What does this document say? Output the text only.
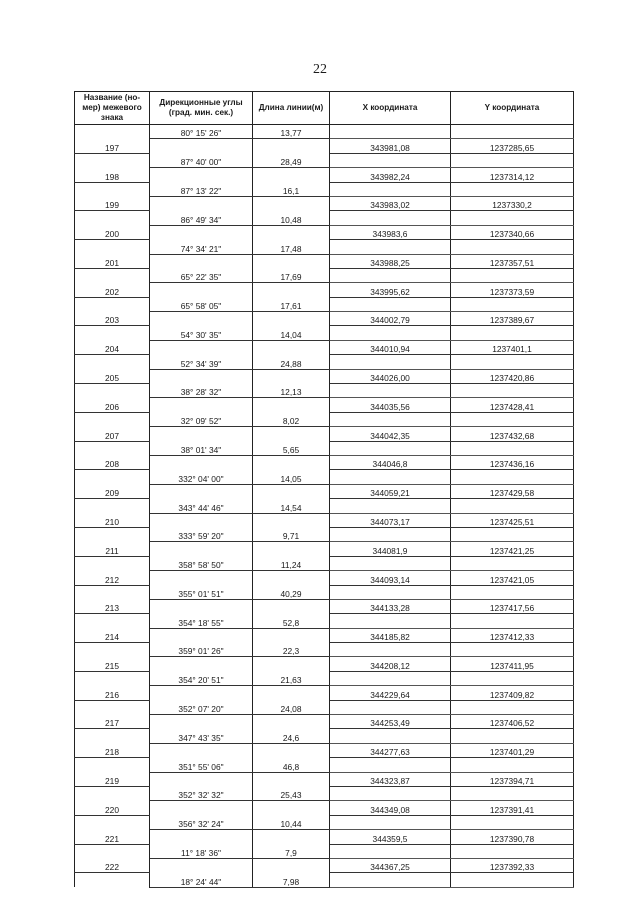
22
Название (но-мер) межевого знака	Дирекционные углы (град. мин. сек.)	Длина линии(м)	X координата	Y координата
	80° 15' 26"	13,77		
197			343981,08	1237285,65
	87° 40' 00"	28,49		
198			343982,24	1237314,12
	87° 13' 22"	16,1		
199			343983,02	1237330,2
	86° 49' 34"	10,48		
200			343983,6	1237340,66
	74° 34' 21"	17,48		
201			343988,25	1237357,51
	65° 22' 35"	17,69		
202			343995,62	1237373,59
	65° 58' 05"	17,61		
203			344002,79	1237389,67
	54° 30' 35"	14,04		
204			344010,94	1237401,1
	52° 34' 39"	24,88		
205			344026,00	1237420,86
	38° 28' 32"	12,13		
206			344035,56	1237428,41
	32° 09' 52"	8,02		
207			344042,35	1237432,68
	38° 01' 34"	5,65		
208			344046,8	1237436,16
	332° 04' 00"	14,05		
209			344059,21	1237429,58
	343° 44' 46"	14,54		
210			344073,17	1237425,51
	333° 59' 20"	9,71		
211			344081,9	1237421,25
	358° 58' 50"	11,24		
212			344093,14	1237421,05
	355° 01' 51"	40,29		
213			344133,28	1237417,56
	354° 18' 55"	52,8		
214			344185,82	1237412,33
	359° 01' 26"	22,3		
215			344208,12	1237411,95
	354° 20' 51"	21,63		
216			344229,64	1237409,82
	352° 07' 20"	24,08		
217			344253,49	1237406,52
	347° 43' 35"	24,6		
218			344277,63	1237401,29
	351° 55' 06"	46,8		
219			344323,87	1237394,71
	352° 32' 32"	25,43		
220			344349,08	1237391,41
	356° 32' 24"	10,44		
221			344359,5	1237390,78
	11° 18' 36"	7,9		
222			344367,25	1237392,33
	18° 24' 44"	7,98		
